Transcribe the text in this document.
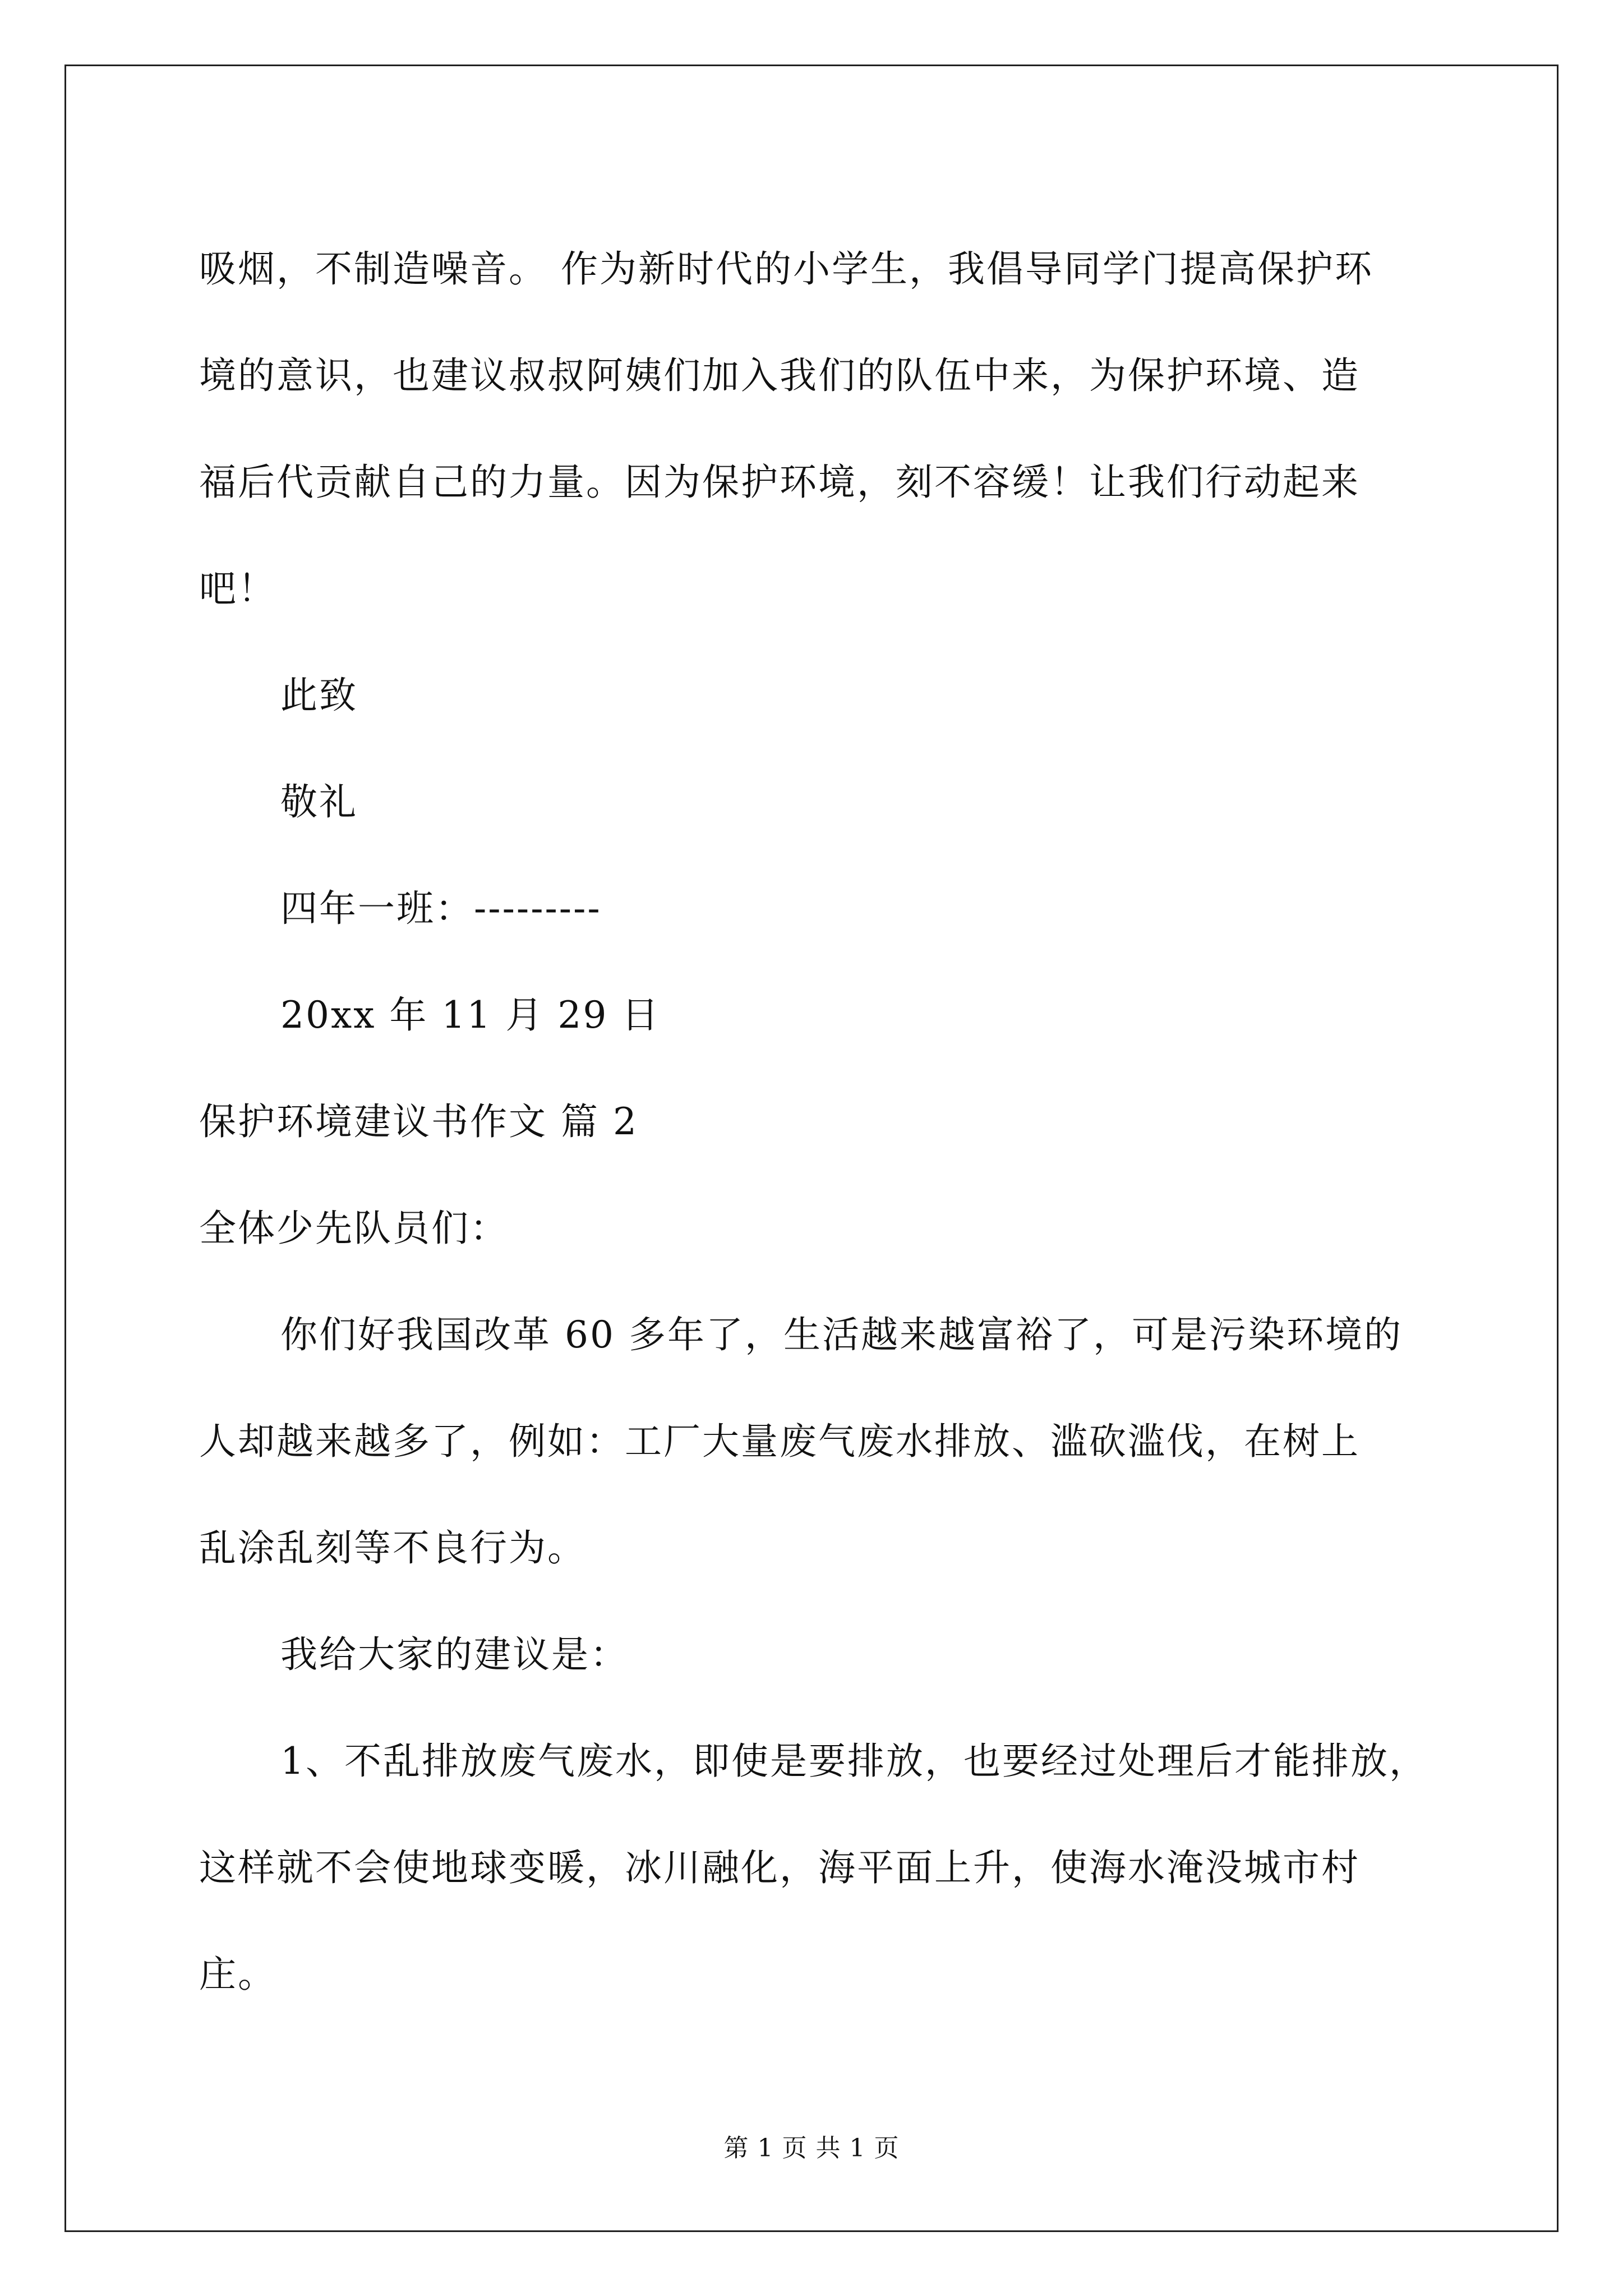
吸烟，不制造噪音。 作为新时代的小学生，我倡导同学门提高保护环

境的意识，也建议叔叔阿姨们加入我们的队伍中来，为保护环境、造

福后代贡献自己的力量。因为保护环境，刻不容缓！让我们行动起来

吧！

此致

敬礼

四年一班：---------

20xx 年 11 月 29 日

保护环境建议书作文 篇 2

全体少先队员们：

你们好我国改革 60 多年了，生活越来越富裕了，可是污染环境的

人却越来越多了，例如：工厂大量废气废水排放、滥砍滥伐，在树上

乱涂乱刻等不良行为。

我给大家的建议是：

1、不乱排放废气废水，即使是要排放，也要经过处理后才能排放，

这样就不会使地球变暖，冰川融化，海平面上升，使海水淹没城市村

庄。

第 1 页 共 1 页
